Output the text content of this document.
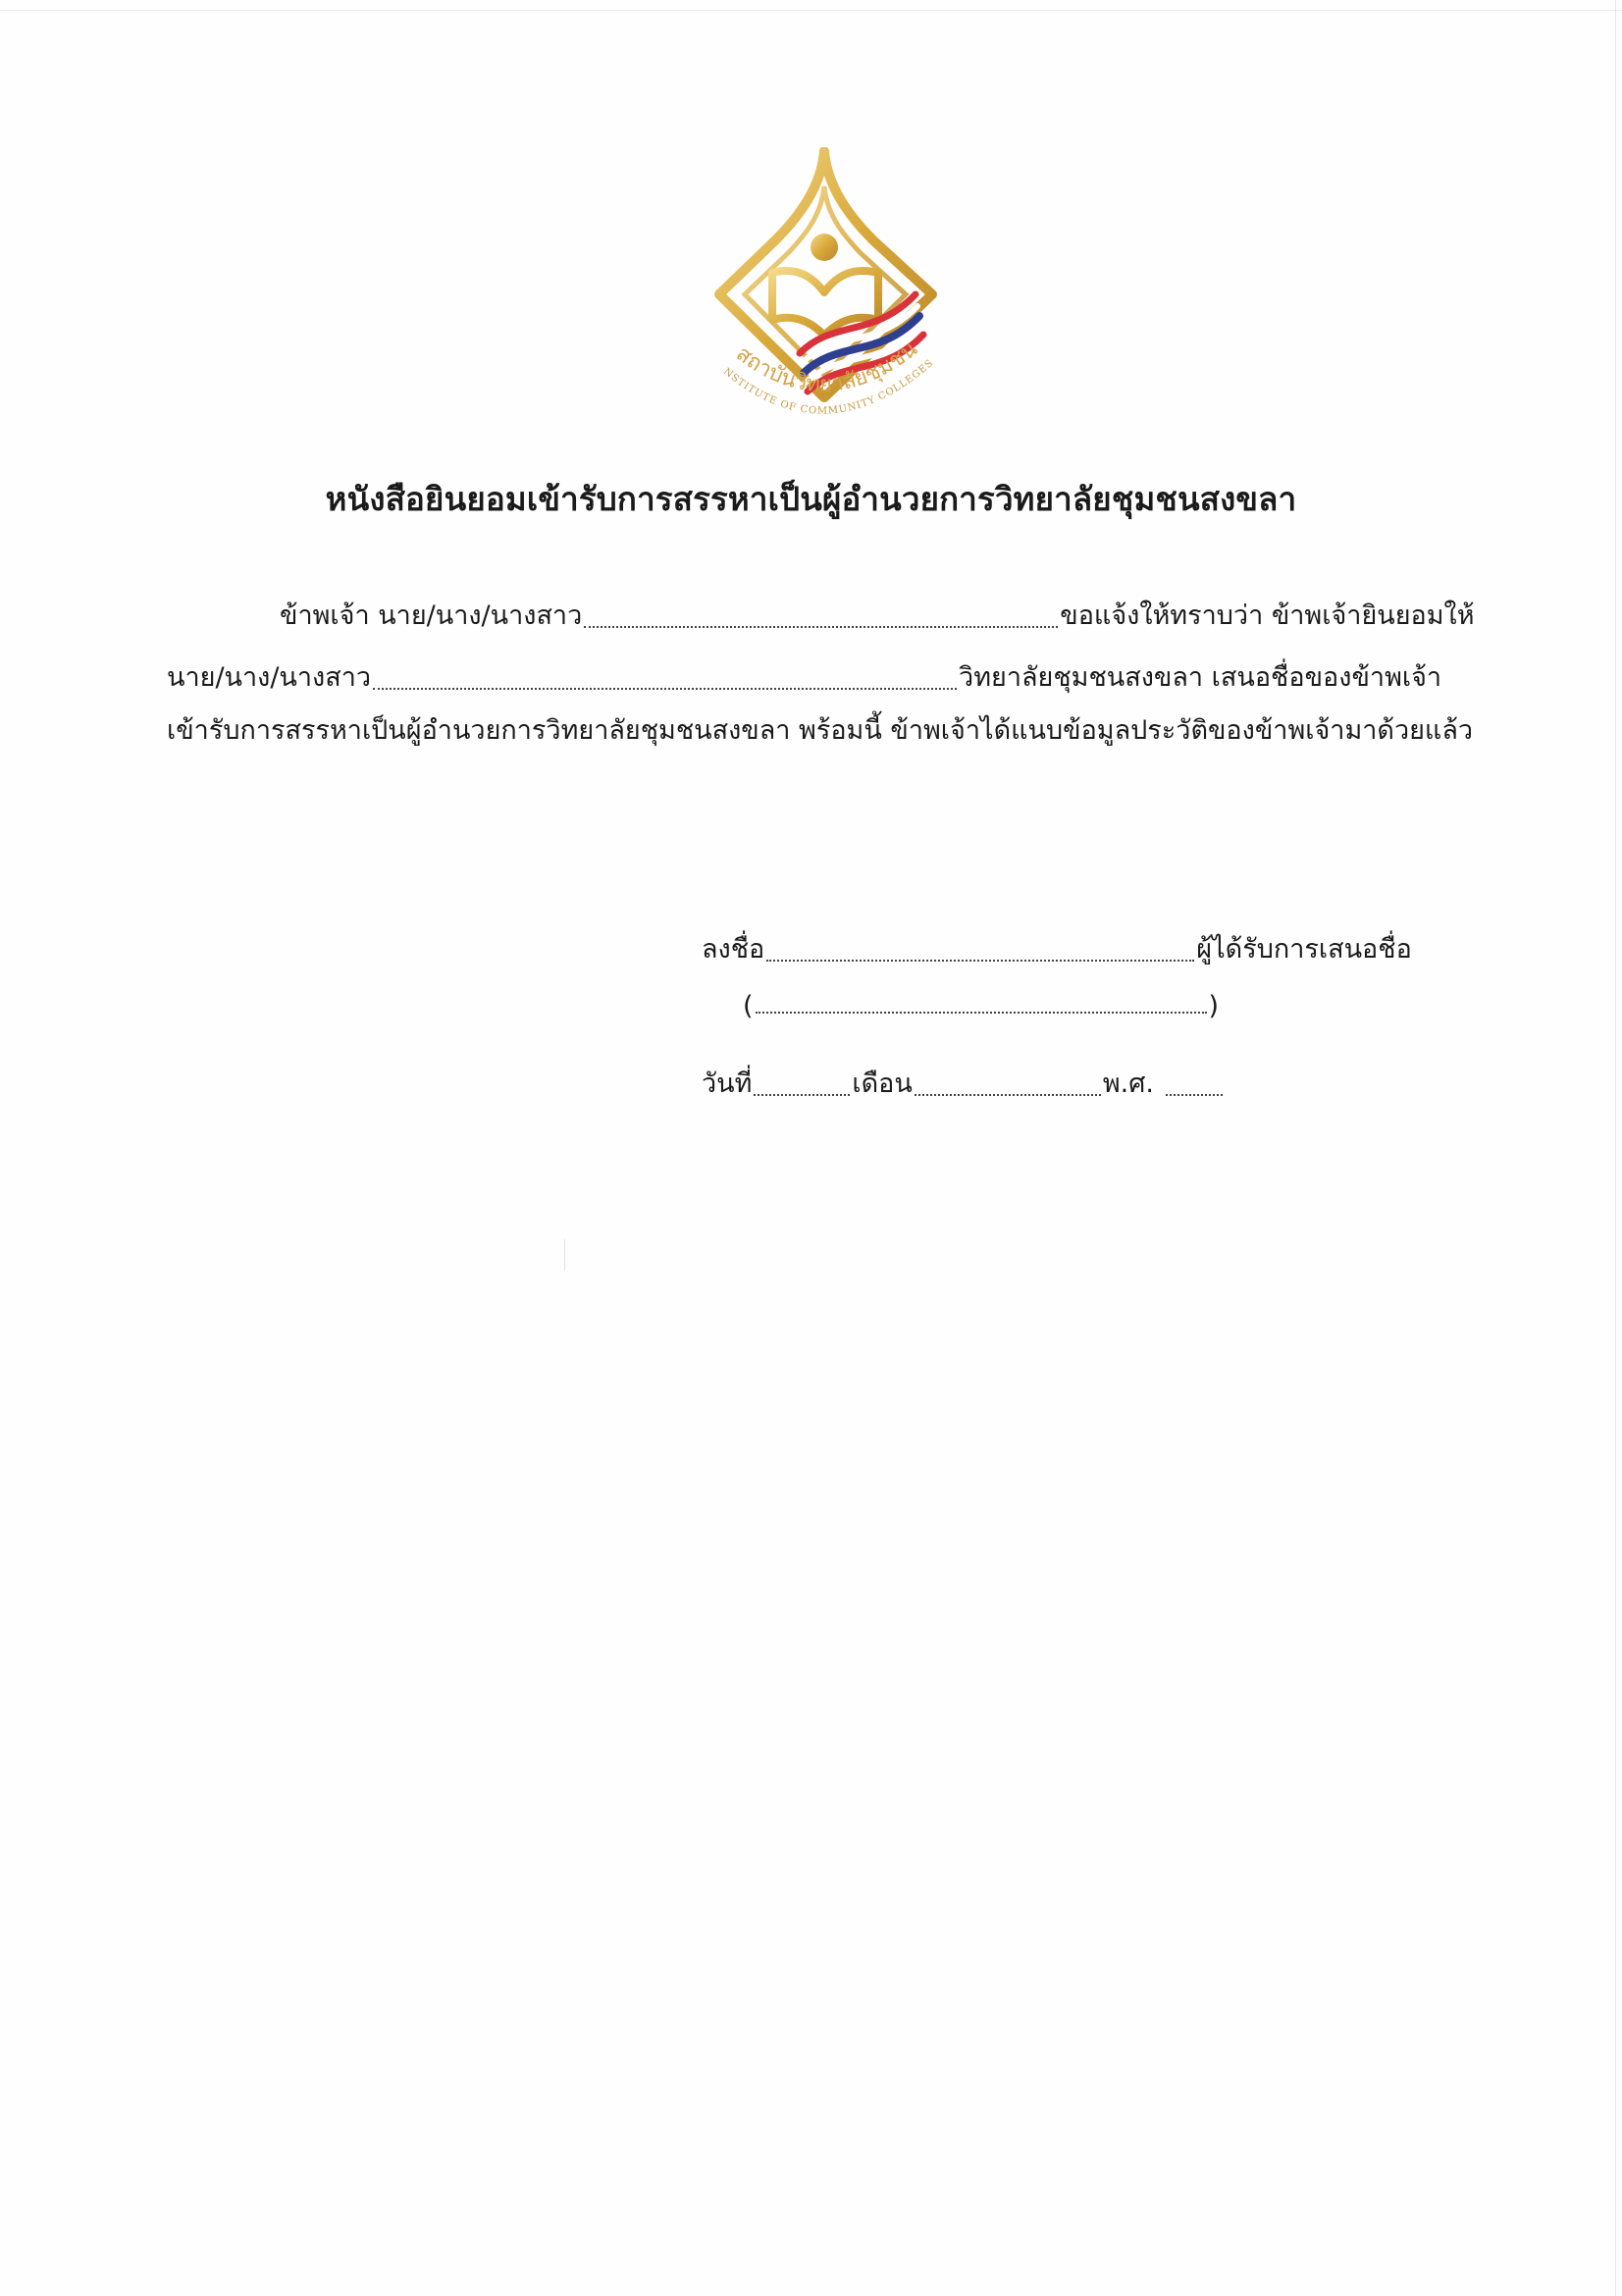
สถาบันวิทยาลัยชุมชน
NSTITUTE OF COMMUNITY COLLEGES
หนังสือยินยอมเข้ารับการสรรหาเป็นผู้อำนวยการวิทยาลัยชุมชนสงขลา
ข้าพเจ้า นาย/นาง/นางสาว	ขอแจ้งให้ทราบว่า ข้าพเจ้ายินยอมให้
นาย/นาง/นางสาว	วิทยาลัยชุมชนสงขลา เสนอชื่อของข้าพเจ้า
เข้ารับการสรรหาเป็นผู้อำนวยการวิทยาลัยชุมชนสงขลา พร้อมนี้ ข้าพเจ้าได้แนบข้อมูลประวัติของข้าพเจ้ามาด้วยแล้ว
ลงชื่อ	ผู้ได้รับการเสนอชื่อ
(	)
วันที่	เดือน	พ.ศ.
